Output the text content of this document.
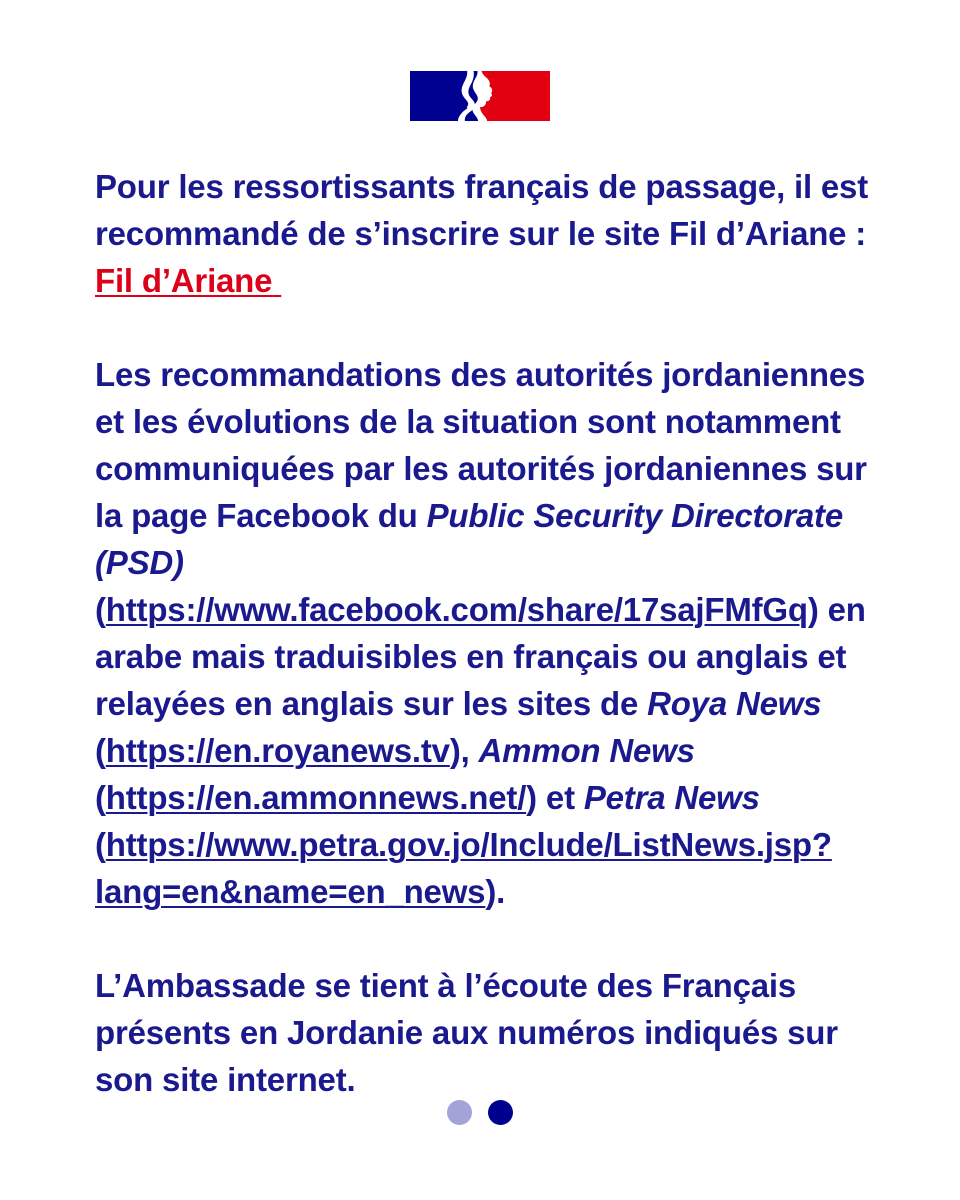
Pour les ressortissants français de passage, il est recommandé de s’inscrire sur le site Fil d’Ariane :
Fil d’Ariane

Les recommandations des autorités jordaniennes et les évolutions de la situation sont notamment communiquées par les autorités jordaniennes sur la page Facebook du Public Security Directorate (PSD) (https://www.facebook.com/share/17sajFMfGq) en arabe mais traduisibles en français ou anglais et relayées en anglais sur les sites de Roya News (https://en.royanews.tv), Ammon News (https://en.ammonnews.net/) et Petra News (https://www.petra.gov.jo/Include/ListNews.jsp?lang=en&name=en_news).

L’Ambassade se tient à l’écoute des Français présents en Jordanie aux numéros indiqués sur son site internet.
